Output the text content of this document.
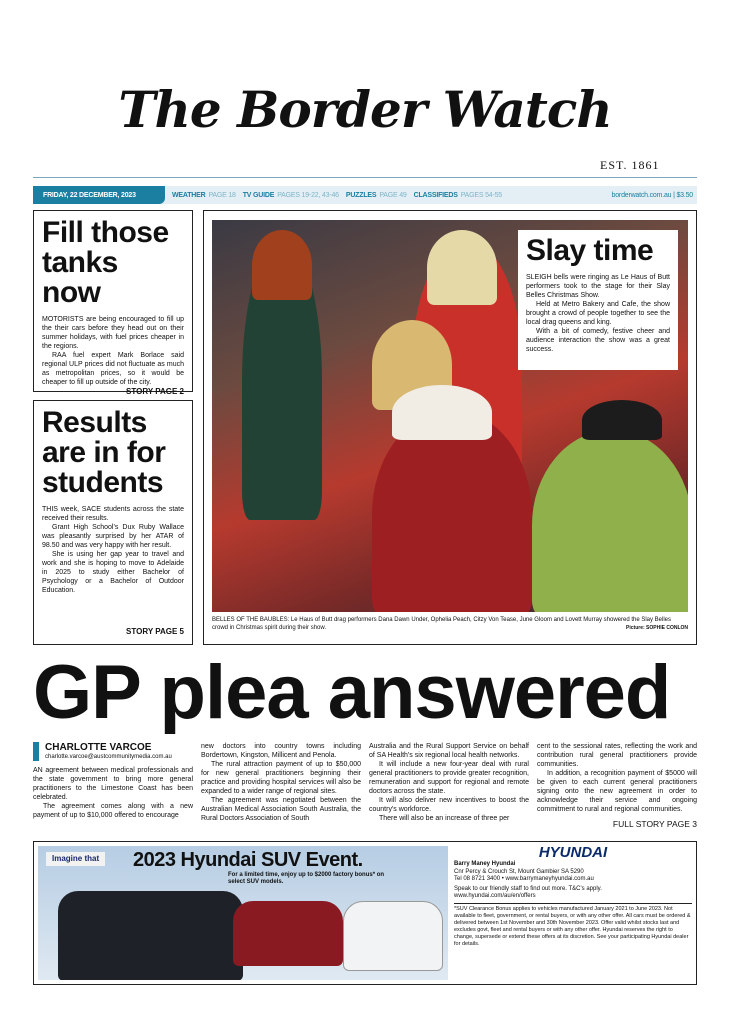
The Border Watch
EST. 1861
FRIDAY, 22 DECEMBER, 2023	WEATHER PAGE 18 TV GUIDE PAGES 19-22, 43-46 PUZZLES PAGE 49 CLASSIFIEDS PAGES 54-55	borderwatch.com.au | $3.50
Fill those tanks now

MOTORISTS are being encouraged to fill up the their cars before they head out on their summer holidays, with fuel prices cheaper in the regions.

RAA fuel expert Mark Borlace said regional ULP prices did not fluctuate as much as metropolitan prices, so it would be cheaper to fill up outside of the city.

STORY PAGE 2
Results are in for students

THIS week, SACE students across the state received their results.

Grant High School's Dux Ruby Wallace was pleasantly surprised by her ATAR of 98.50 and was very happy with her result.

She is using her gap year to travel and work and she is hoping to move to Adelaide in 2025 to study either Bachelor of Psychology or a Bachelor of Outdoor Education.

STORY PAGE 5
Slay time

SLEIGH bells were ringing as Le Haus of Butt performers took to the stage for their Slay Belles Christmas Show.

Held at Metro Bakery and Cafe, the show brought a crowd of people together to see the local drag queens and king.

With a bit of comedy, festive cheer and audience interaction the show was a great success.

BELLES OF THE BAUBLES: Le Haus of Butt drag performers Dana Dawn Under, Ophelia Peach, Citzy Von Tease, June Gloom and Lovett Murray showered the Slay Belles crowd in Christmas spirit during their show.	Picture: SOPHIE CONLON
GP plea answered
CHARLOTTE VARCOE
charlotte.varcoe@austcommunitymedia.com.au

AN agreement between medical professionals and the state government to bring more general practitioners to the Limestone Coast has been celebrated.

The agreement comes along with a new payment of up to $10,000 offered to encourage

new doctors into country towns including Bordertown, Kingston, Millicent and Penola.

The rural attraction payment of up to $50,000 for new general practitioners beginning their practice and providing hospital services will also be expanded to a wider range of regional sites.

The agreement was negotiated between the Australian Medical Association South Australia, the Rural Doctors Association of South

Australia and the Rural Support Service on behalf of SA Health's six regional local health networks.

It will include a new four-year deal with rural general practitioners to provide greater recognition, remuneration and support for regional and remote doctors across the state.

It will also deliver new incentives to boost the country's workforce.

There will also be an increase of three per

cent to the sessional rates, reflecting the work and contribution rural general practitioners provide communities.

In addition, a recognition payment of $5000 will be given to each current general practitioners signing onto the new agreement in order to acknowledge their service and ongoing commitment to rural and regional communities.

FULL STORY PAGE 3
Imagine that	2023 Hyundai SUV Event.
For a limited time, enjoy up to $2000 factory bonus* on select SUV models.
HYUNDAI
Barry Maney Hyundai
Cnr Percy & Crouch St, Mount Gambier SA 5290
Tel 08 8721 3400 • www.barrymaneyhyundai.com.au
Speak to our friendly staff to find out more. T&C's apply.
www.hyundai.com/au/en/offers
*SUV Clearance Bonus applies to vehicles manufactured January 2021 to June 2023. Not available to fleet, government, or rental buyers, or with any other offer. All cars must be ordered & delivered between 1st November and 30th November 2023. Offer valid whilst stocks last and excludes govt, fleet and rental buyers or with any other offer. Hyundai reserves the right to change, supersede or extend these offers at its discretion. See your participating Hyundai dealer for details.
